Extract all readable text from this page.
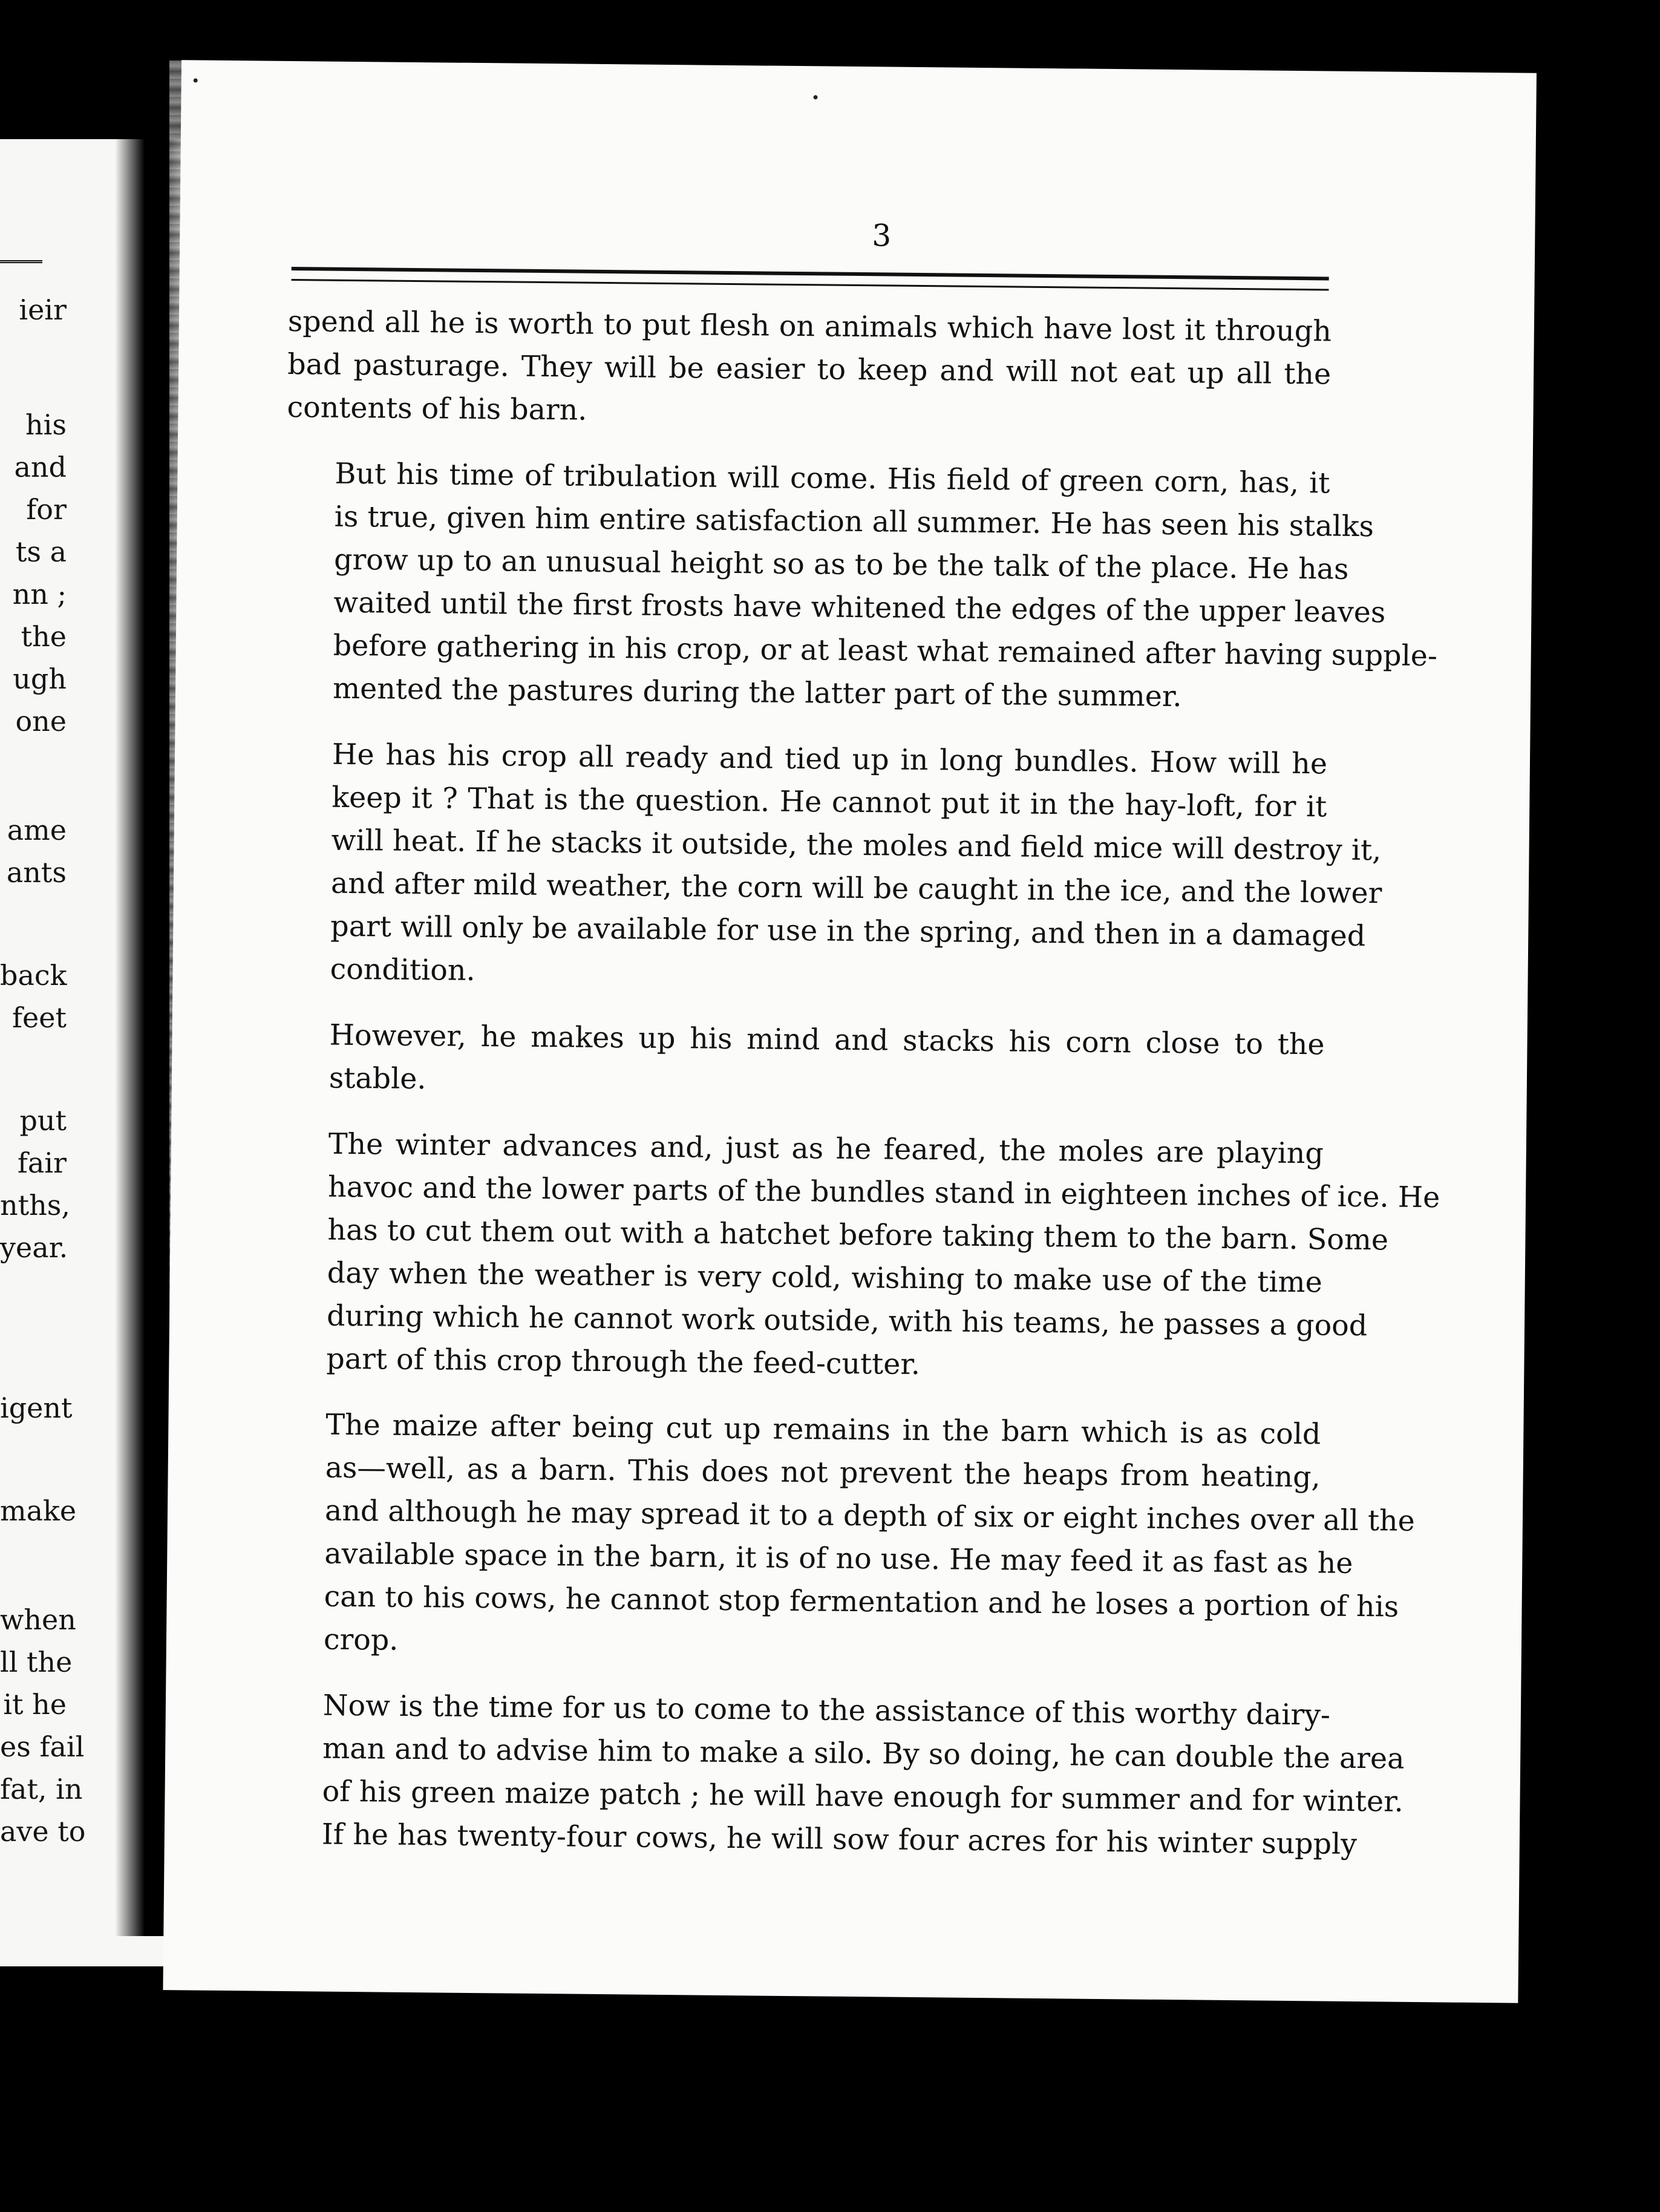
ieir
his
and
for
ts a
nn ;
the
ugh
one
ame
ants
back
feet
put
fair
nths,
year.
igent
make
when
ll the
it he
es fail
fat, in
ave to
3
spend all he is worth to put flesh on animals which have lost it through
bad pasturage. They will be easier to keep and will not eat up all the
contents of his barn.
But his time of tribulation will come. His field of green corn, has, it
is true, given him entire satisfaction all summer. He has seen his stalks
grow up to an unusual height so as to be the talk of the place. He has
waited until the first frosts have whitened the edges of the upper leaves
before gathering in his crop, or at least what remained after having supple-
mented the pastures during the latter part of the summer.
He has his crop all ready and tied up in long bundles. How will he
keep it ? That is the question. He cannot put it in the hay-loft, for it
will heat. If he stacks it outside, the moles and field mice will destroy it,
and after mild weather, the corn will be caught in the ice, and the lower
part will only be available for use in the spring, and then in a damaged
condition.
However, he makes up his mind and stacks his corn close to the
stable.
The winter advances and, just as he feared, the moles are playing
havoc and the lower parts of the bundles stand in eighteen inches of ice. He
has to cut them out with a hatchet before taking them to the barn. Some
day when the weather is very cold, wishing to make use of the time
during which he cannot work outside, with his teams, he passes a good
part of this crop through the feed-cutter.
The maize after being cut up remains in the barn which is as cold
as—well, as a barn. This does not prevent the heaps from heating,
and although he may spread it to a depth of six or eight inches over all the
available space in the barn, it is of no use. He may feed it as fast as he
can to his cows, he cannot stop fermentation and he loses a portion of his
crop.
Now is the time for us to come to the assistance of this worthy dairy-
man and to advise him to make a silo. By so doing, he can double the area
of his green maize patch ; he will have enough for summer and for winter.
If he has twenty-four cows, he will sow four acres for his winter supply
